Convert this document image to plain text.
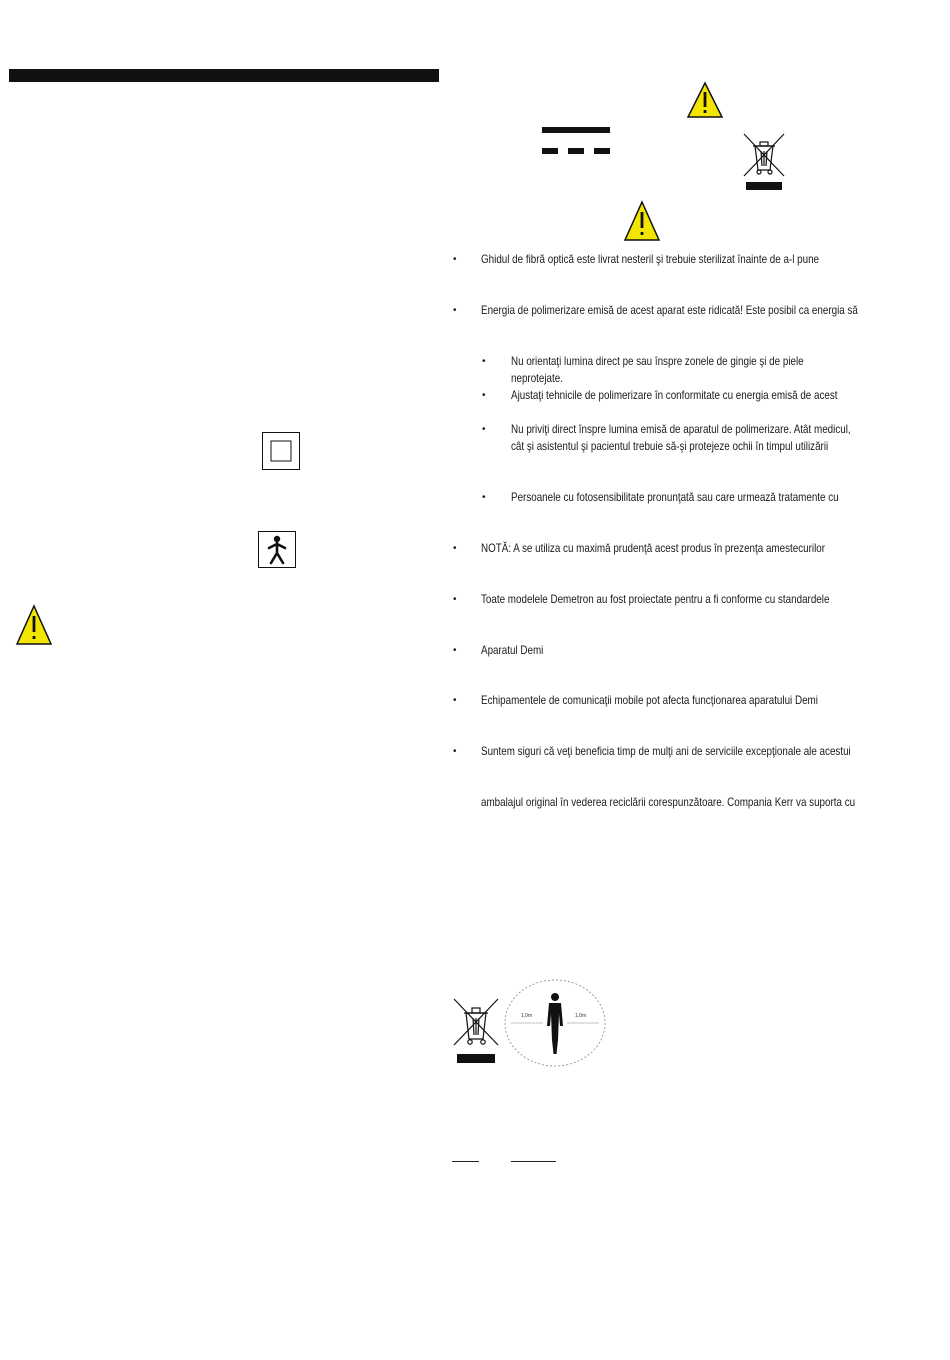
• Ghidul de fibră optică este livrat nesteril şi trebuie sterilizat înainte de a-l pune
• Energia de polimerizare emisă de acest aparat este ridicată! Este posibil ca energia să
• Nu orientaţi lumina direct pe sau înspre zonele de gingie şi de piele
neprotejate.
• Ajustaţi tehnicile de polimerizare în conformitate cu energia emisă de acest
• Nu priviţi direct înspre lumina emisă de aparatul de polimerizare. Atât medicul,
cât şi asistentul şi pacientul trebuie să-şi protejeze ochii în timpul utilizării
• Persoanele cu fotosensibilitate pronunţată sau care urmează tratamente cu
• NOTĂ: A se utiliza cu maximă prudenţă acest produs în prezenţa amestecurilor
• Toate modelele Demetron au fost proiectate pentru a fi conforme cu standardele
• Aparatul Demi
• Echipamentele de comunicaţii mobile pot afecta funcţionarea aparatului Demi
• Suntem siguri că veţi beneficia timp de mulţi ani de serviciile excepţionale ale acestui
ambalajul original în vederea reciclării corespunzătoare. Compania Kerr va suporta cu
1,0m	1,0m
